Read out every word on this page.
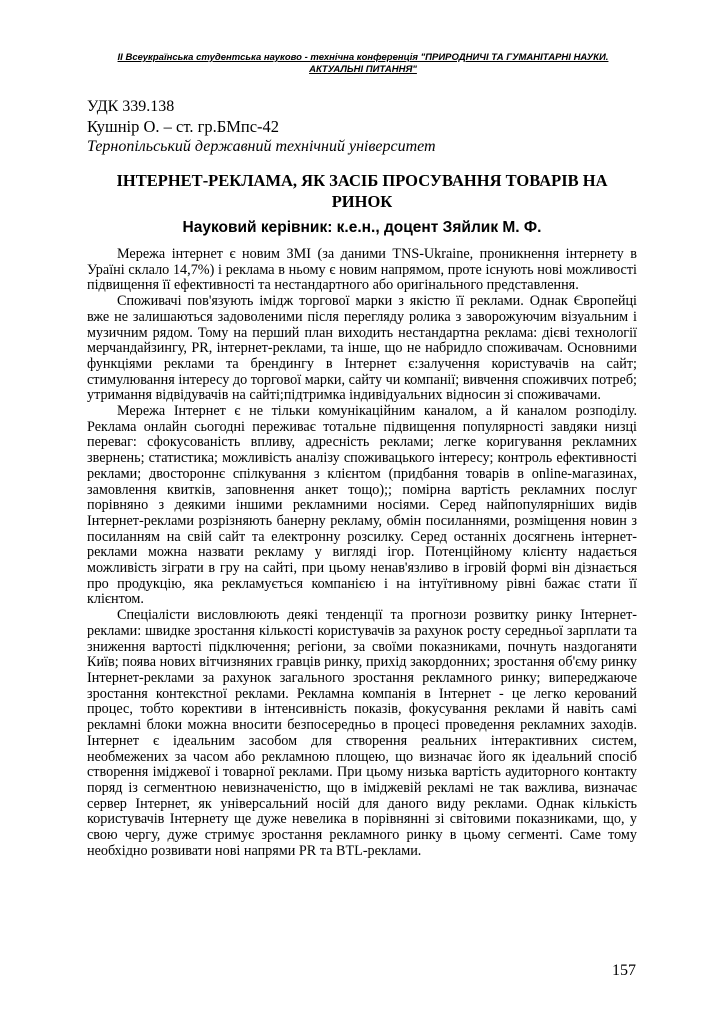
ІІ Всеукраїнська студентська науково - технічна конференція "ПРИРОДНИЧІ ТА ГУМАНІТАРНІ НАУКИ.
АКТУАЛЬНІ ПИТАННЯ"
УДК 339.138
Кушнір О. – ст. гр.БМпс-42
Тернопільський державний технічний університет
ІНТЕРНЕТ-РЕКЛАМА, ЯК ЗАСІБ ПРОСУВАННЯ ТОВАРІВ НА РИНОК
Науковий керівник: к.е.н., доцент Зяйлик М. Ф.

Мережа інтернет є новим ЗМІ (за даними TNS-Ukraine, проникнення інтернету в Ураїні склало 14,7%) і реклама в ньому є новим напрямом, проте існують нові можливості підвищення її ефективності та нестандартного або оригінального представлення.

Споживачі пов'язують імідж торгової марки з якістю її реклами. Однак Європейці вже не залишаються задоволеними після перегляду ролика з заворожуючим візуальним і музичним рядом. Тому на перший план виходить нестандартна реклама: дієві технології мерчандайзингу, PR, інтернет-реклами, та інше, що не набридло споживачам. Основними функціями реклами та брендингу в Інтернет є:залучення користувачів на сайт; стимулювання інтересу до торгової марки, сайту чи компанії; вивчення споживчих потреб; утримання відвідувачів на сайті;підтримка індивідуальних відносин зі споживачами.

Мережа Інтернет є не тільки комунікаційним каналом, а й каналом розподілу. Реклама онлайн сьогодні переживає тотальне підвищення популярності завдяки низці переваг: сфокусованість впливу, адресність реклами; легке коригування рекламних звернень; статистика; можливість аналізу споживацького інтересу; контроль ефективності реклами; двостороннє спілкування з клієнтом (придбання товарів в online-магазинах, замовлення квитків, заповнення анкет тощо);; помірна вартість рекламних послуг порівняно з деякими іншими рекламними носіями. Серед найпопулярніших видів Інтернет-реклами розрізняють банерну рекламу, обмін посиланнями, розміщення новин з посиланням на свій сайт та електронну розсилку. Серед останніх досягнень інтернет-реклами можна назвати рекламу у вигляді ігор. Потенційному клієнту надається можливість зіграти в гру на сайті, при цьому ненав'язливо в ігровій формі він дізнається про продукцію, яка рекламується компанією і на інтуїтивному рівні бажає стати її клієнтом.

Спеціалісти висловлюють деякі тенденції та прогнози розвитку ринку Інтернет-реклами: швидке зростання кількості користувачів за рахунок росту середньої зарплати та зниження вартості підключення; регіони, за своїми показниками, почнуть наздоганяти Київ; поява нових вітчизняних гравців ринку, прихід закордонних; зростання об'єму ринку Інтернет-реклами за рахунок загального зростання рекламного ринку; випереджаюче зростання контекстної реклами. Рекламна компанія в Інтернет - це легко керований процес, тобто корективи в інтенсивність показів, фокусування реклами й навіть самі рекламні блоки можна вносити безпосередньо в процесі проведення рекламних заходів. Інтернет є ідеальним засобом для створення реальних інтерактивних систем, необмежених за часом або рекламною площею, що визначає його як ідеальний спосіб створення іміджевої і товарної реклами. При цьому низька вартість аудиторного контакту поряд із сегментною невизначеністю, що в іміджевій рекламі не так важлива, визначає сервер Інтернет, як універсальний носій для даного виду реклами. Однак кількість користувачів Інтернету ще дуже невелика в порівнянні зі світовими показниками, що, у свою чергу, дуже стримує зростання рекламного ринку в цьому сегменті. Саме тому необхідно розвивати нові напрями PR та BTL-реклами.

157
